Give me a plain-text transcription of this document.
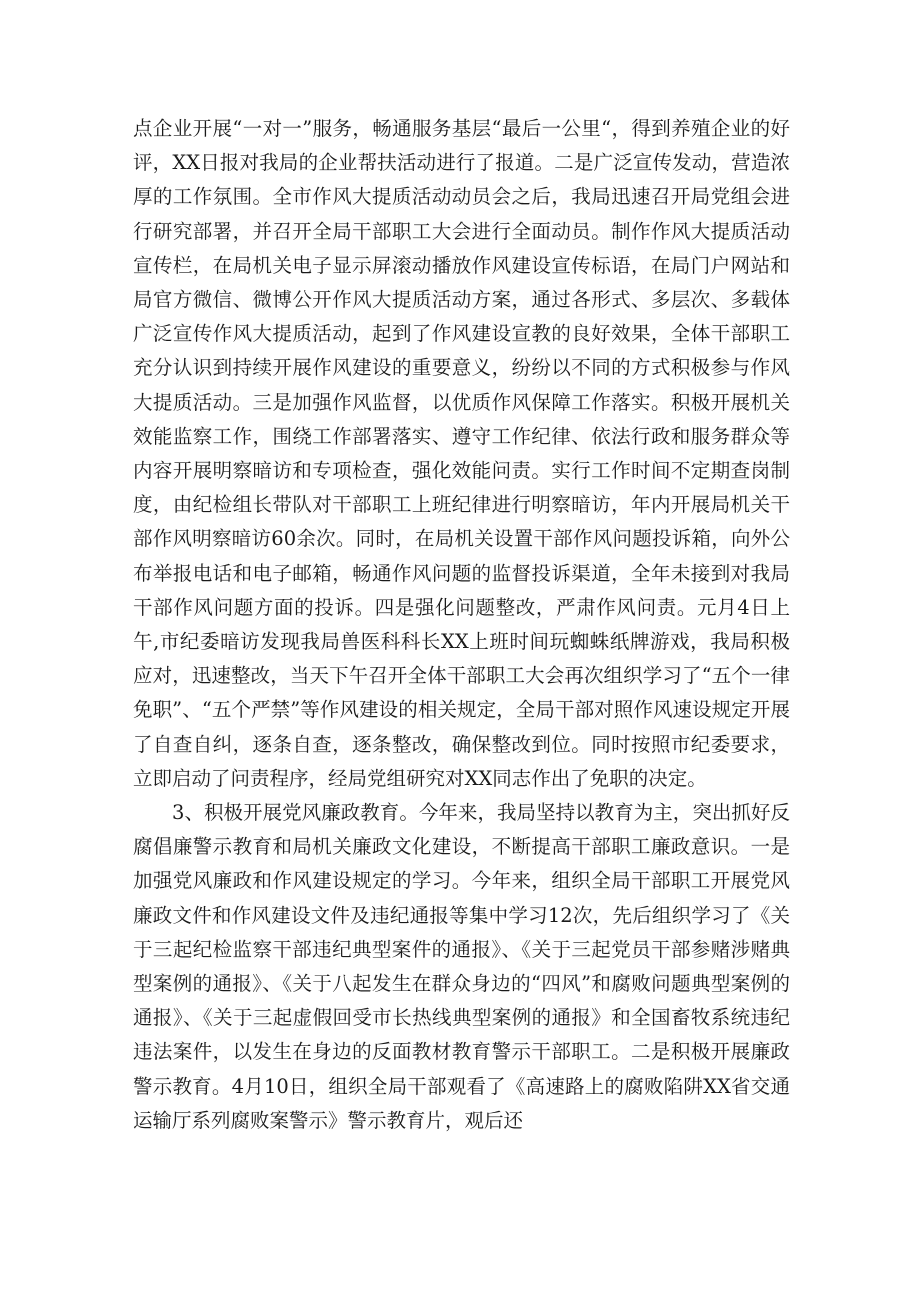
点企业开展“一对一”服务，畅通服务基层“最后一公里“，得到养殖企业的好评，XX日报对我局的企业帮扶活动进行了报道。二是广泛宣传发动，营造浓厚的工作氛围。全市作风大提质活动动员会之后，我局迅速召开局党组会进行研究部署，并召开全局干部职工大会进行全面动员。制作作风大提质活动宣传栏，在局机关电子显示屏滚动播放作风建设宣传标语，在局门户网站和局官方微信、微博公开作风大提质活动方案，通过各形式、多层次、多载体广泛宣传作风大提质活动，起到了作风建设宣教的良好效果，全体干部职工充分认识到持续开展作风建设的重要意义，纷纷以不同的方式积极参与作风大提质活动。三是加强作风监督，以优质作风保障工作落实。积极开展机关效能监察工作，围绕工作部署落实、遵守工作纪律、依法行政和服务群众等内容开展明察暗访和专项检查，强化效能问责。实行工作时间不定期查岗制度，由纪检组长带队对干部职工上班纪律进行明察暗访，年内开展局机关干部作风明察暗访60余次。同时，在局机关设置干部作风问题投诉箱，向外公布举报电话和电子邮箱，畅通作风问题的监督投诉渠道，全年未接到对我局干部作风问题方面的投诉。四是强化问题整改，严肃作风问责。元月4日上午,市纪委暗访发现我局兽医科科长XX上班时间玩蜘蛛纸牌游戏，我局积极应对，迅速整改，当天下午召开全体干部职工大会再次组织学习了“五个一律免职”、“五个严禁”等作风建设的相关规定，全局干部对照作风速设规定开展了自查自纠，逐条自查，逐条整改，确保整改到位。同时按照市纪委要求，立即启动了问责程序，经局党组研究对XX同志作出了免职的决定。

3、积极开展党风廉政教育。今年来，我局坚持以教育为主，突出抓好反腐倡廉警示教育和局机关廉政文化建设，不断提高干部职工廉政意识。一是加强党风廉政和作风建设规定的学习。今年来，组织全局干部职工开展党风廉政文件和作风建设文件及违纪通报等集中学习12次，先后组织学习了《关于三起纪检监察干部违纪典型案件的通报》、《关于三起党员干部参赌涉赌典型案例的通报》、《关于八起发生在群众身边的“四风”和腐败问题典型案例的通报》、《关于三起虚假回受市长热线典型案例的通报》和全国畜牧系统违纪违法案件，以发生在身边的反面教材教育警示干部职工。二是积极开展廉政警示教育。4月10日，组织全局干部观看了《高速路上的腐败陷阱XX省交通运输厅系列腐败案警示》警示教育片，观后还
